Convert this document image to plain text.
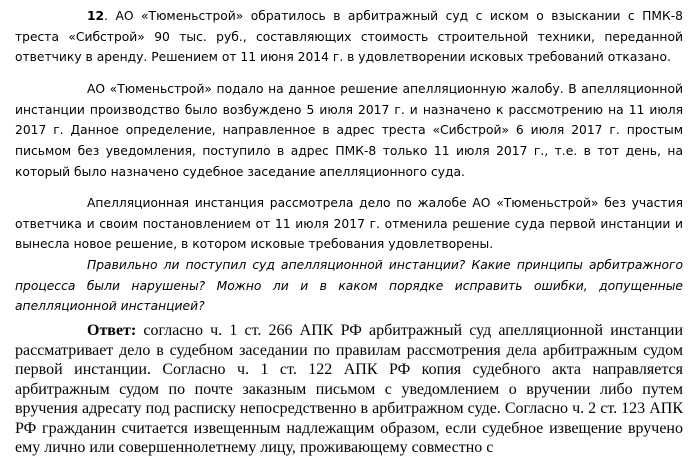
12. АО «Тюменьстрой» обратилось в арбитражный суд с иском о взыскании с ПМК-8 треста «Сибстрой» 90 тыс. руб., составляющих стоимость строительной техники, переданной ответчику в аренду. Решением от 11 июня 2014 г. в удовлетворении исковых требований отказано.

АО «Тюменьстрой» подало на данное решение апелляционную жалобу. В апелляционной инстанции производство было возбуждено 5 июля 2017 г. и назначено к рассмотрению на 11 июля 2017 г. Данное определение, направленное в адрес треста «Сибстрой» 6 июля 2017 г. простым письмом без уведомления, поступило в адрес ПМК-8 только 11 июля 2017 г., т.е. в тот день, на который было назначено судебное заседание апелляционного суда.

Апелляционная инстанция рассмотрела дело по жалобе АО «Тюменьстрой» без участия ответчика и своим постановлением от 11 июля 2017 г. отменила решение суда первой инстанции и вынесла новое решение, в котором исковые требования удовлетворены.

Правильно ли поступил суд апелляционной инстанции? Какие принципы арбитражного процесса были нарушены? Можно ли и в каком порядке исправить ошибки, допущенные апелляционной инстанцией?

Ответ: согласно ч. 1 ст. 266 АПК РФ арбитражный суд апелляционной инстанции рассматривает дело в судебном заседании по правилам рассмотрения дела арбитражным судом первой инстанции. Согласно ч. 1 ст. 122 АПК РФ копия судебного акта направляется арбитражным судом по почте заказным письмом с уведомлением о вручении либо путем вручения адресату под расписку непосредственно в арбитражном суде. Согласно ч. 2 ст. 123 АПК РФ гражданин считается извещенным надлежащим образом, если судебное извещение вручено ему лично или совершеннолетнему лицу, проживающему совместно с
